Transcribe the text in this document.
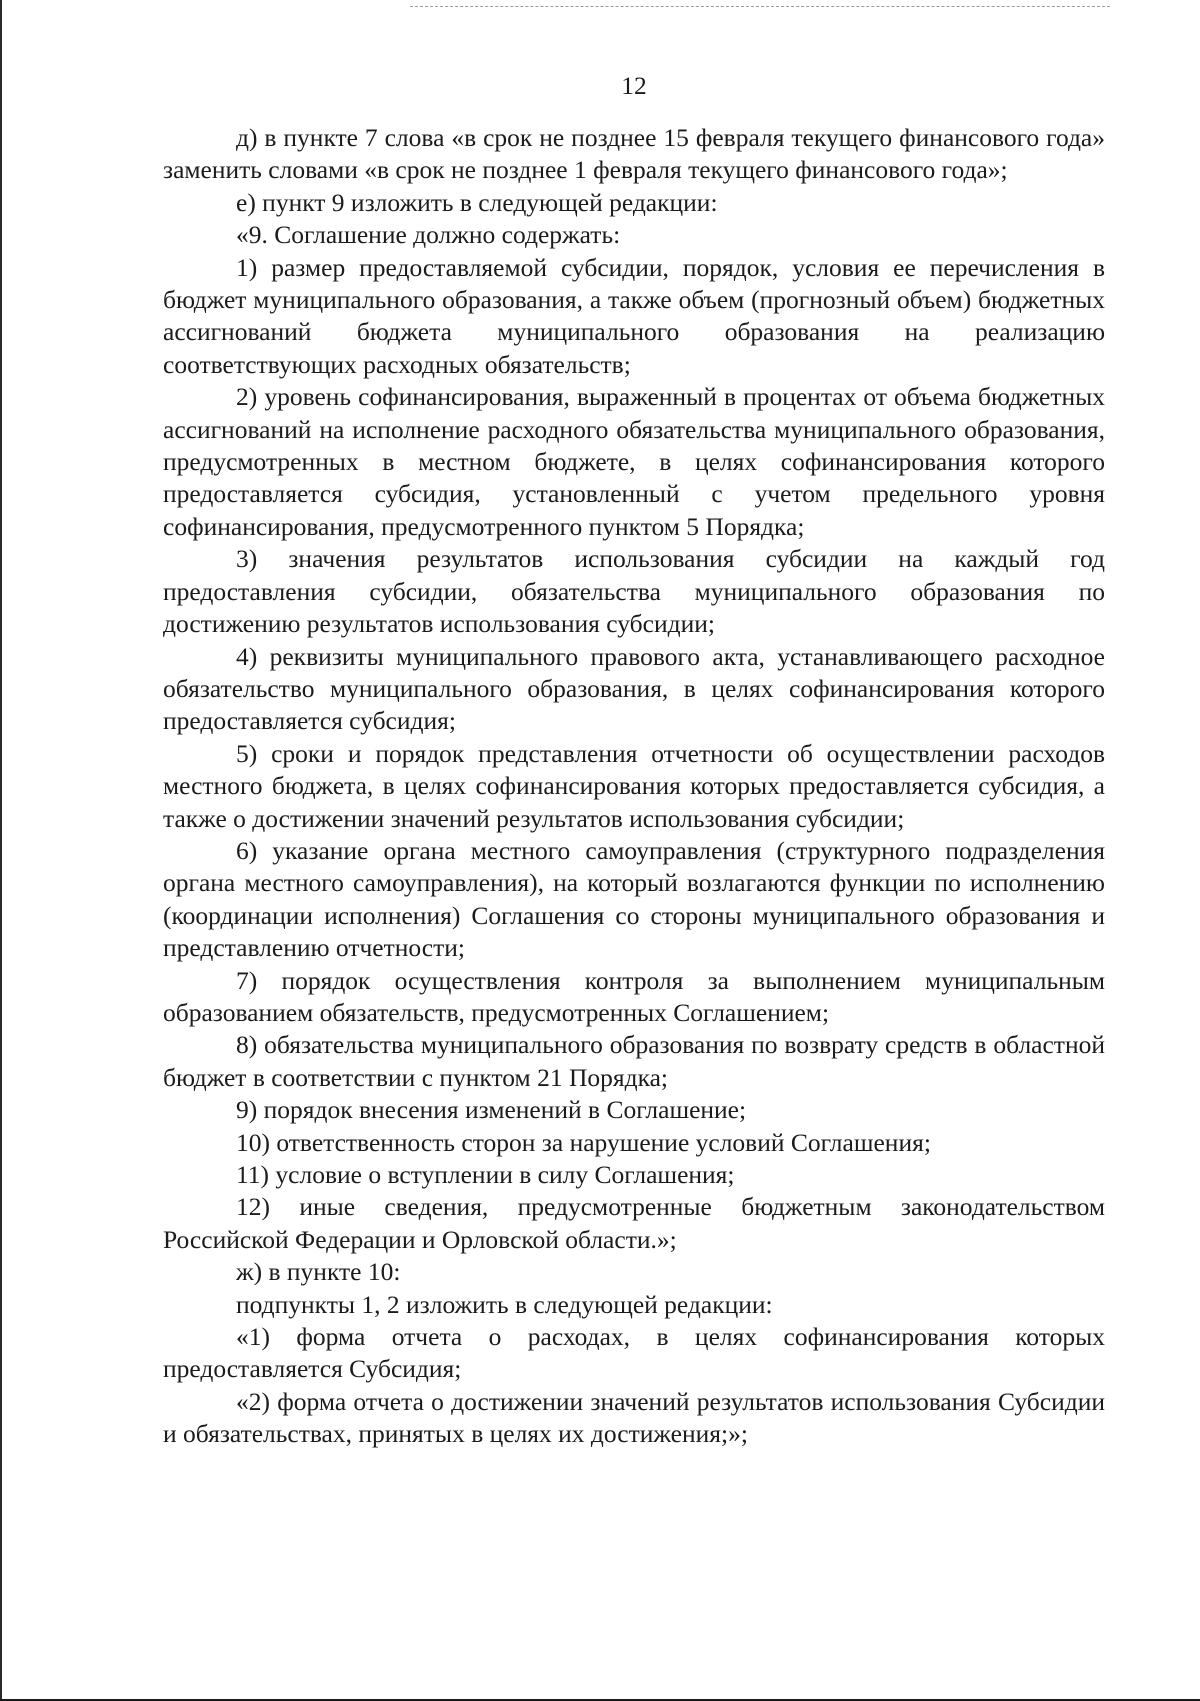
12

д) в пункте 7 слова «в срок не позднее 15 февраля текущего финансового года» заменить словами «в срок не позднее 1 февраля текущего финансового года»;

е) пункт 9 изложить в следующей редакции:

«9. Соглашение должно содержать:

1) размер предоставляемой субсидии, порядок, условия ее перечисления в бюджет муниципального образования, а также объем (прогнозный объем) бюджетных ассигнований бюджета муниципального образования на реализацию соответствующих расходных обязательств;

2) уровень софинансирования, выраженный в процентах от объема бюджетных ассигнований на исполнение расходного обязательства муниципального образования, предусмотренных в местном бюджете, в целях софинансирования которого предоставляется субсидия, установленный с учетом предельного уровня софинансирования, предусмотренного пунктом 5 Порядка;

3) значения результатов использования субсидии на каждый год предоставления субсидии, обязательства муниципального образования по достижению результатов использования субсидии;

4) реквизиты муниципального правового акта, устанавливающего расходное обязательство муниципального образования, в целях софинансирования которого предоставляется субсидия;

5) сроки и порядок представления отчетности об осуществлении расходов местного бюджета, в целях софинансирования которых предоставляется субсидия, а также о достижении значений результатов использования субсидии;

6) указание органа местного самоуправления (структурного подразделения органа местного самоуправления), на который возлагаются функции по исполнению (координации исполнения) Соглашения со стороны муниципального образования и представлению отчетности;

7) порядок осуществления контроля за выполнением муниципальным образованием обязательств, предусмотренных Соглашением;

8) обязательства муниципального образования по возврату средств в областной бюджет в соответствии с пунктом 21 Порядка;

9) порядок внесения изменений в Соглашение;

10) ответственность сторон за нарушение условий Соглашения;

11) условие о вступлении в силу Соглашения;

12) иные сведения, предусмотренные бюджетным законодательством Российской Федерации и Орловской области.»;

ж) в пункте 10:

подпункты 1, 2 изложить в следующей редакции:

«1) форма отчета о расходах, в целях софинансирования которых предоставляется Субсидия;

«2) форма отчета о достижении значений результатов использования Субсидии и обязательствах, принятых в целях их достижения;»;
